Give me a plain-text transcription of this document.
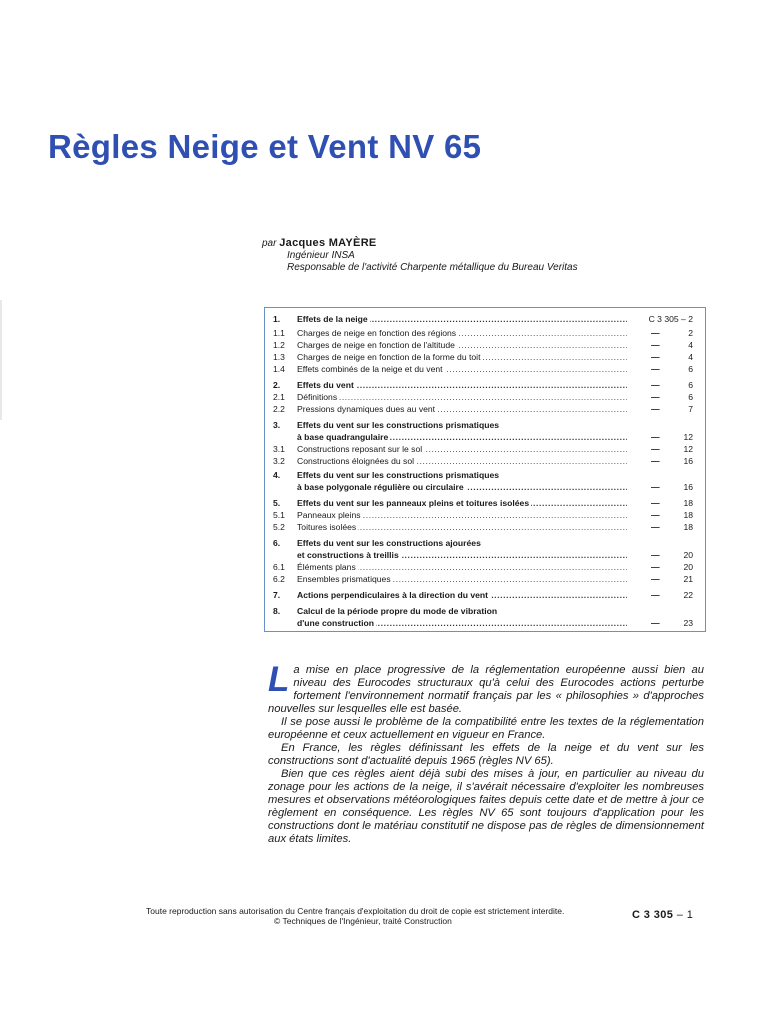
Règles Neige et Vent NV 65
par Jacques MAYÈRE
Ingénieur INSA
Responsable de l'activité Charpente métallique du Bureau Veritas
1. Effets de la neige .....	C 3 305 – 2
1.1 Charges de neige en fonction des régions .....	—	2
1.2 Charges de neige en fonction de l'altitude .....	—	4
1.3 Charges de neige en fonction de la forme du toit .....	—	4
1.4 Effets combinés de la neige et du vent .....	—	6
2. Effets du vent .....	—	6
2.1 Définitions .....	—	6
2.2 Pressions dynamiques dues au vent .....	—	7
3. Effets du vent sur les constructions prismatiques
à base quadrangulaire .....	—	12
3.1 Constructions reposant sur le sol .....	—	12
3.2 Constructions éloignées du sol .....	—	16
4. Effets du vent sur les constructions prismatiques
à base polygonale régulière ou circulaire .....	—	16
5. Effets du vent sur les panneaux pleins et toitures isolées .....	—	18
5.1 Panneaux pleins .....	—	18
5.2 Toitures isolées .....	—	18
6. Effets du vent sur les constructions ajourées
et constructions à treillis .....	—	20
6.1 Éléments plans .....	—	20
6.2 Ensembles prismatiques .....	—	21
7. Actions perpendiculaires à la direction du vent .....	—	22
8. Calcul de la période propre du mode de vibration
d'une construction .....	—	23

La mise en place progressive de la réglementation européenne aussi bien au niveau des Eurocodes structuraux qu'à celui des Eurocodes actions perturbe fortement l'environnement normatif français par les « philosophies » d'approches nouvelles sur lesquelles elle est basée.

Il se pose aussi le problème de la compatibilité entre les textes de la réglementation européenne et ceux actuellement en vigueur en France.

En France, les règles définissant les effets de la neige et du vent sur les constructions sont d'actualité depuis 1965 (règles NV 65).

Bien que ces règles aient déjà subi des mises à jour, en particulier au niveau du zonage pour les actions de la neige, il s'avérait nécessaire d'exploiter les nombreuses mesures et observations météorologiques faites depuis cette date et de mettre à jour ce règlement en conséquence. Les règles NV 65 sont toujours d'application pour les constructions dont le matériau constitutif ne dispose pas de règles de dimensionnement aux états limites.

Toute reproduction sans autorisation du Centre français d'exploitation du droit de copie est strictement interdite.
© Techniques de l'Ingénieur, traité Construction	C 3 305 – 1
